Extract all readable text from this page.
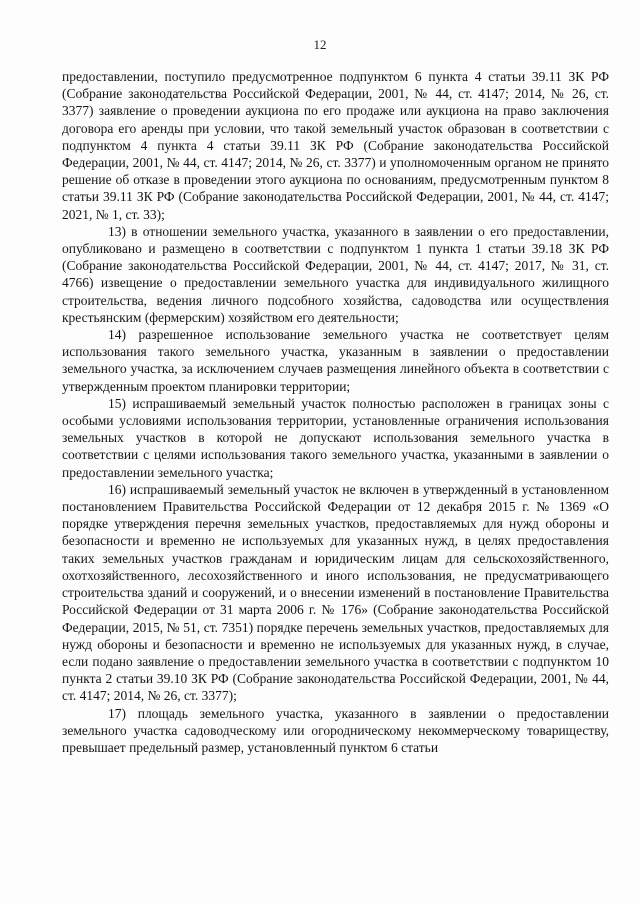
12

предоставлении, поступило предусмотренное подпунктом 6 пункта 4 статьи 39.11 ЗК РФ (Собрание законодательства Российской Федерации, 2001, № 44, ст. 4147; 2014, № 26, ст. 3377) заявление о проведении аукциона по его продаже или аукциона на право заключения договора его аренды при условии, что такой земельный участок образован в соответствии с подпунктом 4 пункта 4 статьи 39.11 ЗК РФ (Собрание законодательства Российской Федерации, 2001, № 44, ст. 4147; 2014, № 26, ст. 3377) и уполномоченным органом не принято решение об отказе в проведении этого аукциона по основаниям, предусмотренным пунктом 8 статьи 39.11 ЗК РФ (Собрание законодательства Российской Федерации, 2001, № 44, ст. 4147; 2021, № 1, ст. 33);

13) в отношении земельного участка, указанного в заявлении о его предоставлении, опубликовано и размещено в соответствии с подпунктом 1 пункта 1 статьи 39.18 ЗК РФ (Собрание законодательства Российской Федерации, 2001, № 44, ст. 4147; 2017, № 31, ст. 4766) извещение о предоставлении земельного участка для индивидуального жилищного строительства, ведения личного подсобного хозяйства, садоводства или осуществления крестьянским (фермерским) хозяйством его деятельности;

14) разрешенное использование земельного участка не соответствует целям использования такого земельного участка, указанным в заявлении о предоставлении земельного участка, за исключением случаев размещения линейного объекта в соответствии с утвержденным проектом планировки территории;

15) испрашиваемый земельный участок полностью расположен в границах зоны с особыми условиями использования территории, установленные ограничения использования земельных участков в которой не допускают использования земельного участка в соответствии с целями использования такого земельного участка, указанными в заявлении о предоставлении земельного участка;

16) испрашиваемый земельный участок не включен в утвержденный в установленном постановлением Правительства Российской Федерации от 12 декабря 2015 г. № 1369 «О порядке утверждения перечня земельных участков, предоставляемых для нужд обороны и безопасности и временно не используемых для указанных нужд, в целях предоставления таких земельных участков гражданам и юридическим лицам для сельскохозяйственного, охотхозяйственного, лесохозяйственного и иного использования, не предусматривающего строительства зданий и сооружений, и о внесении изменений в постановление Правительства Российской Федерации от 31 марта 2006 г. № 176» (Собрание законодательства Российской Федерации, 2015, № 51, ст. 7351) порядке перечень земельных участков, предоставляемых для нужд обороны и безопасности и временно не используемых для указанных нужд, в случае, если подано заявление о предоставлении земельного участка в соответствии с подпунктом 10 пункта 2 статьи 39.10 ЗК РФ (Собрание законодательства Российской Федерации, 2001, № 44, ст. 4147; 2014, № 26, ст. 3377);

17) площадь земельного участка, указанного в заявлении о предоставлении земельного участка садоводческому или огородническому некоммерческому товариществу, превышает предельный размер, установленный пунктом 6 статьи
